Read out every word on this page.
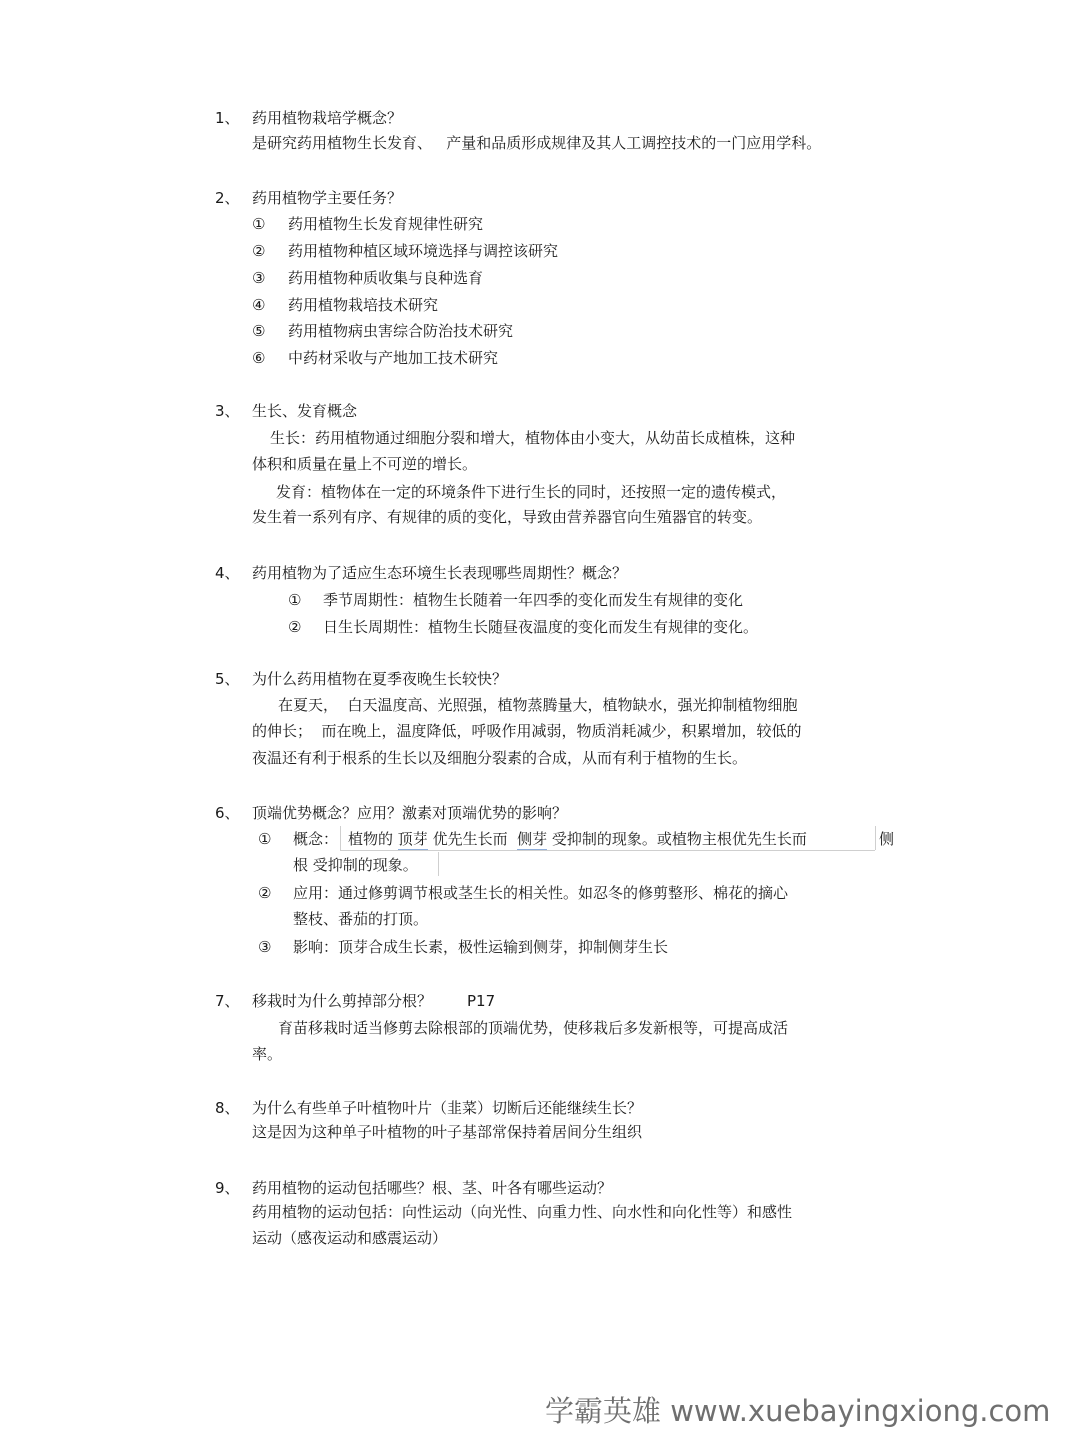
1、 药用植物栽培学概念？
是研究药用植物生长发育、   产量和品质形成规律及其人工调控技术的一门应用学科。
2、 药用植物学主要任务？
① 药用植物生长发育规律性研究
② 药用植物种植区域环境选择与调控该研究
③ 药用植物种质收集与良种选育
④ 药用植物栽培技术研究
⑤ 药用植物病虫害综合防治技术研究
⑥ 中药材采收与产地加工技术研究
3、 生长、发育概念
生长：药用植物通过细胞分裂和增大，植物体由小变大，从幼苗长成植株，这种
体积和质量在量上不可逆的增长。
发育：植物体在一定的环境条件下进行生长的同时，还按照一定的遗传模式，
发生着一系列有序、有规律的质的变化，导致由营养器官向生殖器官的转变。
4、 药用植物为了适应生态环境生长表现哪些周期性？概念？
① 季节周期性：植物生长随着一年四季的变化而发生有规律的变化
② 日生长周期性：植物生长随昼夜温度的变化而发生有规律的变化。
5、 为什么药用植物在夏季夜晚生长较快？
在夏天，  白天温度高、光照强，植物蒸腾量大，植物缺水，强光抑制植物细胞
的伸长；  而在晚上，温度降低，呼吸作用减弱，物质消耗减少，积累增加，较低的
夜温还有利于根系的生长以及细胞分裂素的合成，从而有利于植物的生长。
6、 顶端优势概念？应用？激素对顶端优势的影响？
① 概念： 植物的 顶芽 优先生长而  侧芽 受抑制的现象。或植物主根优先生长而	侧
根 受抑制的现象。
② 应用：通过修剪调节根或茎生长的相关性。如忍冬的修剪整形、棉花的摘心
整枝、番茄的打顶。
③ 影响：顶芽合成生长素，极性运输到侧芽，抑制侧芽生长
7、 移栽时为什么剪掉部分根？ P17
育苗移栽时适当修剪去除根部的顶端优势，使移栽后多发新根等，可提高成活
率。
8、 为什么有些单子叶植物叶片（韭菜）切断后还能继续生长？
这是因为这种单子叶植物的叶子基部常保持着居间分生组织
9、 药用植物的运动包括哪些？根、茎、叶各有哪些运动？
药用植物的运动包括：向性运动（向光性、向重力性、向水性和向化性等）和感性
运动（感夜运动和感震运动）
学霸英雄 www.xuebayingxiong.com
